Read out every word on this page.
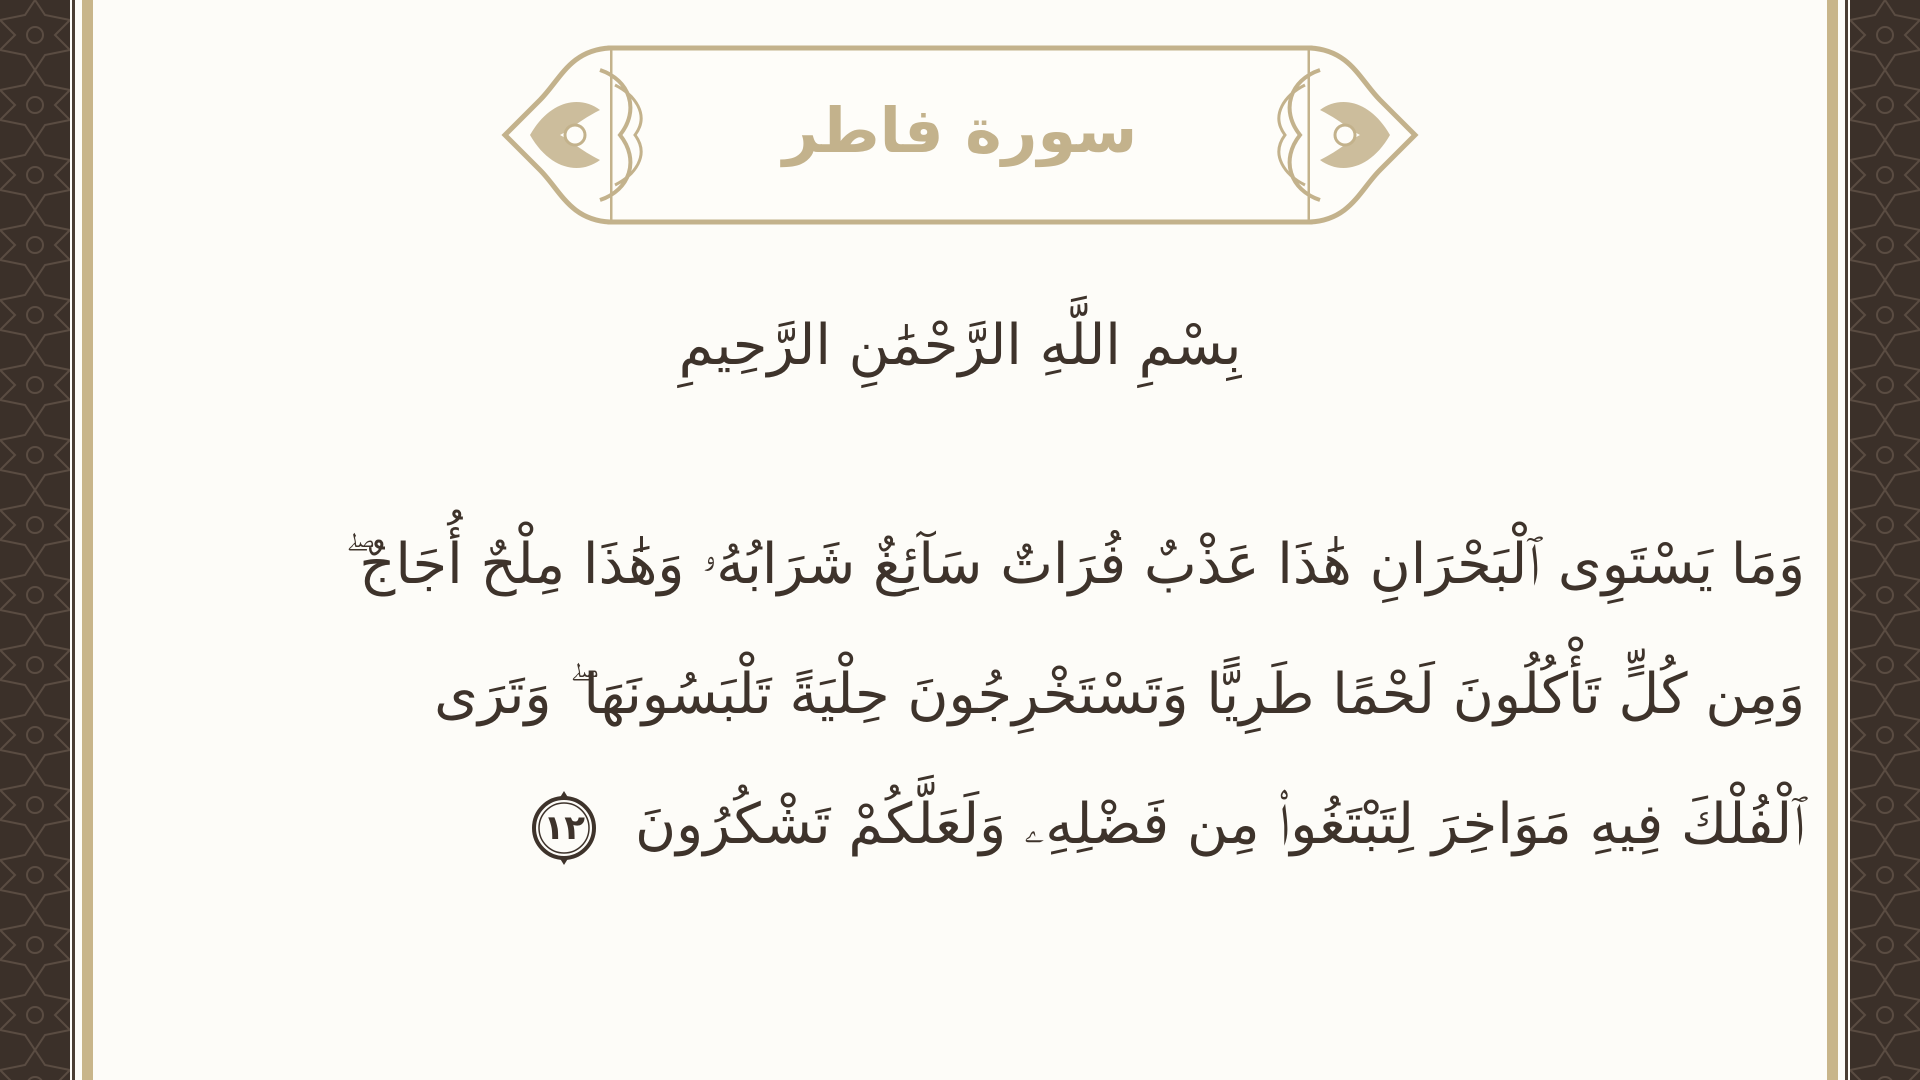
سورة فاطر
بِسْمِ اللَّهِ الرَّحْمَٰنِ الرَّحِيمِ
وَمَا يَسْتَوِى ٱلْبَحْرَانِ هَٰذَا عَذْبٌ فُرَاتٌ سَآئِغٌ شَرَابُهُۥ وَهَٰذَا مِلْحٌ أُجَاجٌ ۖ
وَمِن كُلٍّ تَأْكُلُونَ لَحْمًا طَرِيًّا وَتَسْتَخْرِجُونَ حِلْيَةً تَلْبَسُونَهَا ۖ وَتَرَى
ٱلْفُلْكَ فِيهِ مَوَاخِرَ لِتَبْتَغُوا۟ مِن فَضْلِهِۦ وَلَعَلَّكُمْ تَشْكُرُونَ
١٢
